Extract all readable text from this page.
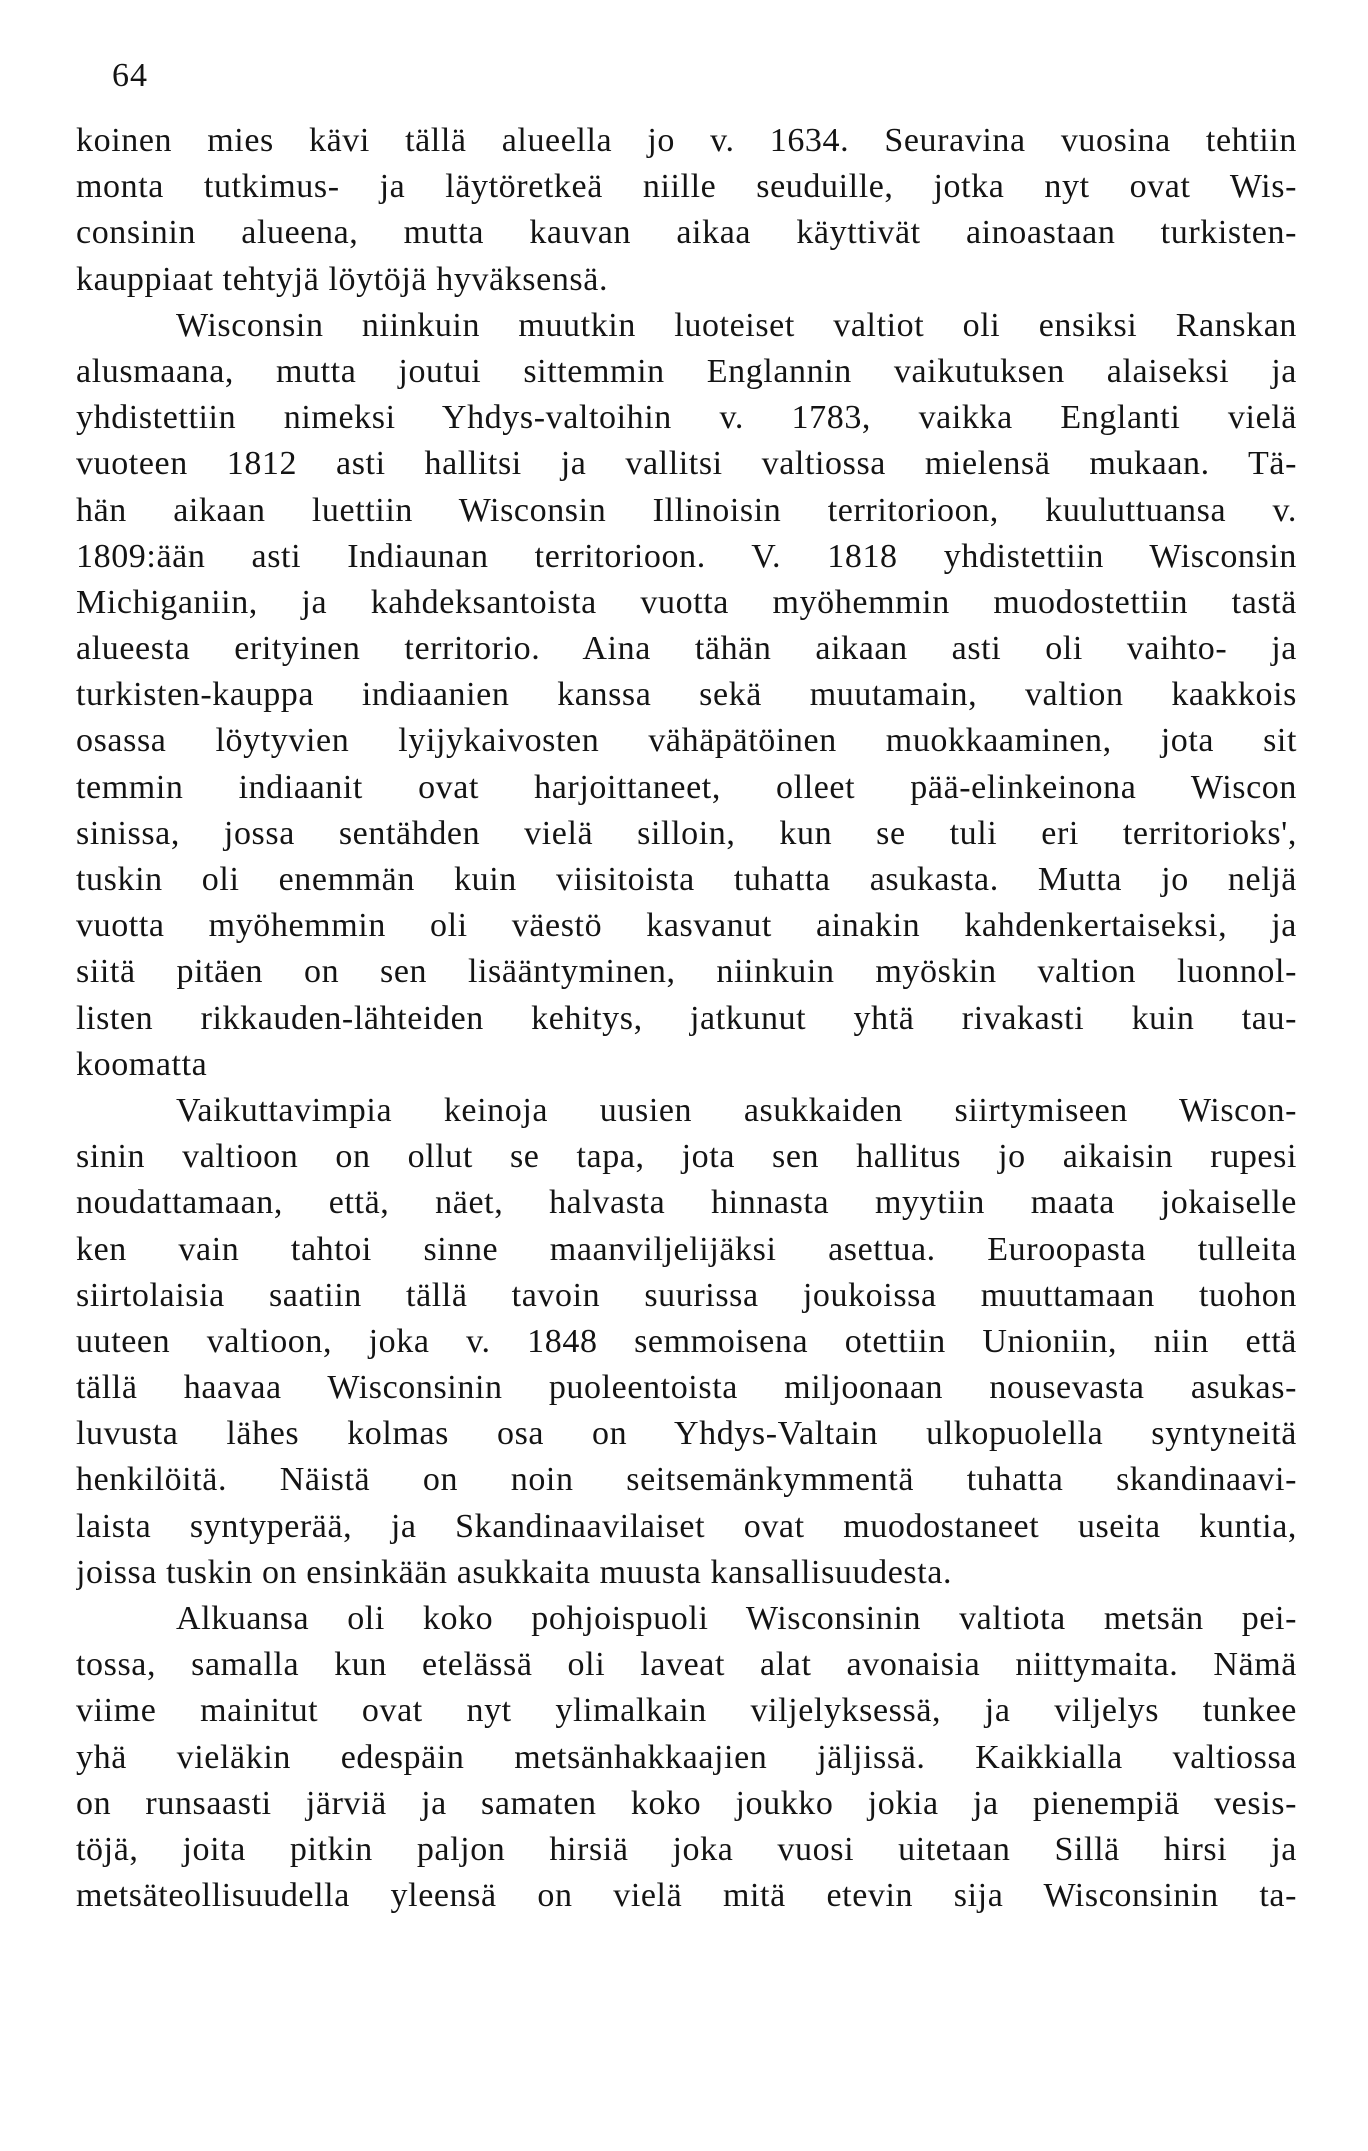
64
koinen mies kävi tällä alueella jo v. 1634. Seuravina vuosina tehtiin
monta tutkimus- ja läytöretkeä niille seuduille, jotka nyt ovat Wis-
consinin alueena, mutta kauvan aikaa käyttivät ainoastaan turkisten-
kauppiaat tehtyjä löytöjä hyväksensä.
Wisconsin niinkuin muutkin luoteiset valtiot oli ensiksi Ranskan
alusmaana, mutta joutui sittemmin Englannin vaikutuksen alaiseksi ja
yhdistettiin nimeksi Yhdys-valtoihin v. 1783, vaikka Englanti vielä
vuoteen 1812 asti hallitsi ja vallitsi valtiossa mielensä mukaan. Tä-
hän aikaan luettiin Wisconsin Illinoisin territorioon, kuuluttuansa v.
1809:ään asti Indiaunan territorioon. V. 1818 yhdistettiin Wisconsin
Michiganiin, ja kahdeksantoista vuotta myöhemmin muodostettiin tastä
alueesta erityinen territorio. Aina tähän aikaan asti oli vaihto- ja
turkisten-kauppa indiaanien kanssa sekä muutamain, valtion kaakkois
osassa löytyvien lyijykaivosten vähäpätöinen muokkaaminen, jota sit
temmin indiaanit ovat harjoittaneet, olleet pää-elinkeinona Wiscon
sinissa, jossa sentähden vielä silloin, kun se tuli eri territorioks',
tuskin oli enemmän kuin viisitoista tuhatta asukasta. Mutta jo neljä
vuotta myöhemmin oli väestö kasvanut ainakin kahdenkertaiseksi, ja
siitä pitäen on sen lisääntyminen, niinkuin myöskin valtion luonnol-
listen rikkauden-lähteiden kehitys, jatkunut yhtä rivakasti kuin tau-
koomatta
Vaikuttavimpia keinoja uusien asukkaiden siirtymiseen Wiscon-
sinin valtioon on ollut se tapa, jota sen hallitus jo aikaisin rupesi
noudattamaan, että, näet, halvasta hinnasta myytiin maata jokaiselle
ken vain tahtoi sinne maanviljelijäksi asettua. Euroopasta tulleita
siirtolaisia saatiin tällä tavoin suurissa joukoissa muuttamaan tuohon
uuteen valtioon, joka v. 1848 semmoisena otettiin Unioniin, niin että
tällä haavaa Wisconsinin puoleentoista miljoonaan nousevasta asukas-
luvusta lähes kolmas osa on Yhdys-Valtain ulkopuolella syntyneitä
henkilöitä. Näistä on noin seitsemänkymmentä tuhatta skandinaavi-
laista syntyperää, ja Skandinaavilaiset ovat muodostaneet useita kuntia,
joissa tuskin on ensinkään asukkaita muusta kansallisuudesta.
Alkuansa oli koko pohjoispuoli Wisconsinin valtiota metsän pei-
tossa, samalla kun etelässä oli laveat alat avonaisia niittymaita. Nämä
viime mainitut ovat nyt ylimalkain viljelyksessä, ja viljelys tunkee
yhä vieläkin edespäin metsänhakkaajien jäljissä. Kaikkialla valtiossa
on runsaasti järviä ja samaten koko joukko jokia ja pienempiä vesis-
töjä, joita pitkin paljon hirsiä joka vuosi uitetaan Sillä hirsi ja
metsäteollisuudella yleensä on vielä mitä etevin sija Wisconsinin ta-
